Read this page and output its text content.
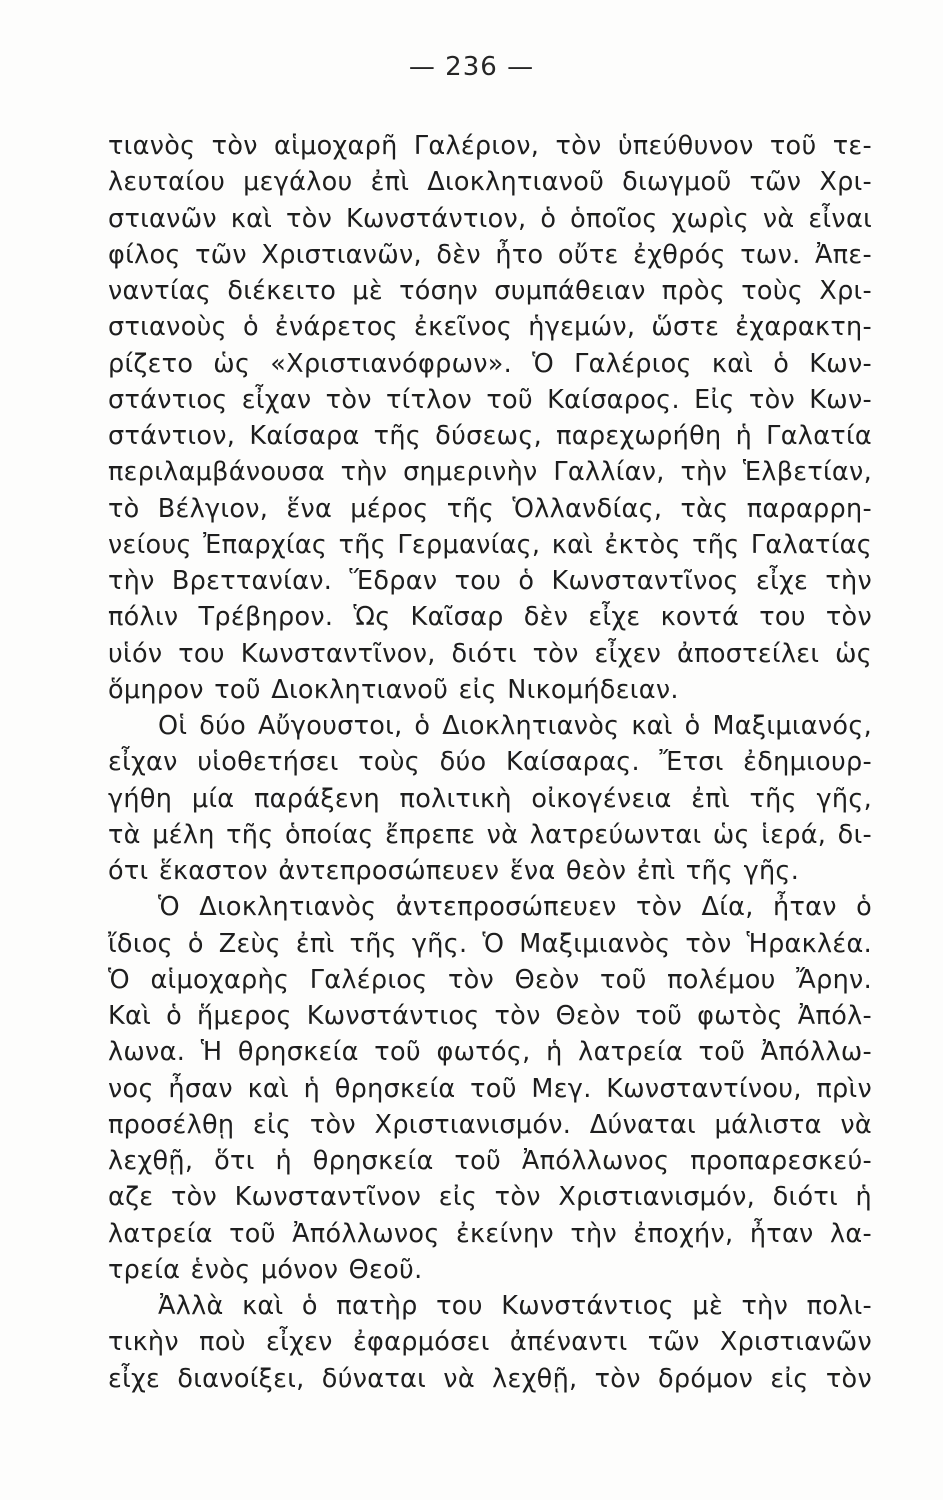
— 236 —
τιανὸς τὸν αἱμοχαρῆ Γαλέριον, τὸν ὑπεύθυνον τοῦ τε-
λευταίου μεγάλου ἐπὶ Διοκλητιανοῦ διωγμοῦ τῶν Χρι-
στιανῶν καὶ τὸν Κωνστάντιον, ὁ ὁποῖος χωρὶς νὰ εἶναι
φίλος τῶν Χριστιανῶν, δὲν ἦτο οὔτε ἐχθρός των. Ἀπε-
ναντίας διέκειτο μὲ τόσην συμπάθειαν πρὸς τοὺς Χρι-
στιανοὺς ὁ ἐνάρετος ἐκεῖνος ἡγεμών, ὥστε ἐχαρακτη-
ρίζετο ὡς «Χριστιανόφρων». Ὁ Γαλέριος καὶ ὁ Κων-
στάντιος εἶχαν τὸν τίτλον τοῦ Καίσαρος. Εἰς τὸν Κων-
στάντιον, Καίσαρα τῆς δύσεως, παρεχωρήθη ἡ Γαλατία
περιλαμβάνουσα τὴν σημερινὴν Γαλλίαν, τὴν Ἑλβετίαν,
τὸ Βέλγιον, ἕνα μέρος τῆς Ὁλλανδίας, τὰς παραρρη-
νείους Ἐπαρχίας τῆς Γερμανίας, καὶ ἐκτὸς τῆς Γαλατίας
τὴν Βρεττανίαν. Ἕδραν του ὁ Κωνσταντῖνος εἶχε τὴν
πόλιν Τρέβηρον. Ὡς Καῖσαρ δὲν εἶχε κοντά του τὸν
υἱόν του Κωνσταντῖνον, διότι τὸν εἶχεν ἀποστείλει ὡς
ὅμηρον τοῦ Διοκλητιανοῦ εἰς Νικομήδειαν.
Οἱ δύο Αὔγουστοι, ὁ Διοκλητιανὸς καὶ ὁ Μαξιμιανός,
εἶχαν υἱοθετήσει τοὺς δύο Καίσαρας. Ἔτσι ἐδημιουρ-
γήθη μία παράξενη πολιτικὴ οἰκογένεια ἐπὶ τῆς γῆς,
τὰ μέλη τῆς ὁποίας ἔπρεπε νὰ λατρεύωνται ὡς ἱερά, δι-
ότι ἕκαστον ἀντεπροσώπευεν ἕνα θεὸν ἐπὶ τῆς γῆς.
Ὁ Διοκλητιανὸς ἀντεπροσώπευεν τὸν Δία, ἦταν ὁ
ἴδιος ὁ Ζεὺς ἐπὶ τῆς γῆς. Ὁ Μαξιμιανὸς τὸν Ἡρακλέα.
Ὁ αἱμοχαρὴς Γαλέριος τὸν Θεὸν τοῦ πολέμου Ἄρην.
Καὶ ὁ ἥμερος Κωνστάντιος τὸν Θεὸν τοῦ φωτὸς Ἀπόλ-
λωνα. Ἡ θρησκεία τοῦ φωτός, ἡ λατρεία τοῦ Ἀπόλλω-
νος ἦσαν καὶ ἡ θρησκεία τοῦ Μεγ. Κωνσταντίνου, πρὶν
προσέλθῃ εἰς τὸν Χριστιανισμόν. Δύναται μάλιστα νὰ
λεχθῇ, ὅτι ἡ θρησκεία τοῦ Ἀπόλλωνος προπαρεσκεύ-
αζε τὸν Κωνσταντῖνον εἰς τὸν Χριστιανισμόν, διότι ἡ
λατρεία τοῦ Ἀπόλλωνος ἐκείνην τὴν ἐποχήν, ἦταν λα-
τρεία ἑνὸς μόνον Θεοῦ.
Ἀλλὰ καὶ ὁ πατὴρ του Κωνστάντιος μὲ τὴν πολι-
τικὴν ποὺ εἶχεν ἐφαρμόσει ἀπέναντι τῶν Χριστιανῶν
εἶχε διανοίξει, δύναται νὰ λεχθῇ, τὸν δρόμον εἰς τὸν
